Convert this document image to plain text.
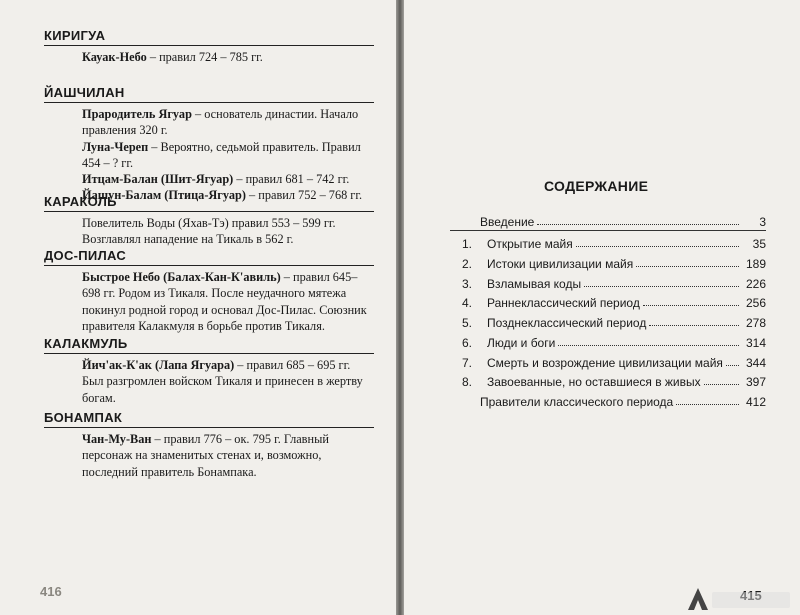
КИРИГУА
Кауак-Небо – правил 724 – 785 гг.
ЙАШЧИЛАН
Прародитель Ягуар – основатель династии. Начало правления 320 г.
Луна-Череп – Вероятно, седьмой правитель. Правил 454 – ? гг.
Итцам-Балан (Шит-Ягуар) – правил 681 – 742 гг.
Йашун-Балам (Птица-Ягуар) – правил 752 – 768 гг.
КАРАКОЛЬ
Повелитель Воды (Яхав-Тэ) правил 553 – 599 гг. Возглавлял нападение на Тикаль в 562 г.
ДОС-ПИЛАС
Быстрое Небо (Балах-Кан-К'авиль) – правил 645–698 гг. Родом из Тикаля. После неудачного мятежа покинул родной город и основал Дос-Пилас. Союзник правителя Калакмуля в борьбе против Тикаля.
КАЛАКМУЛЬ
Йич'ак-К'ак (Лапа Ягуара) – правил 685 – 695 гг. Был разгромлен войском Тикаля и принесен в жертву богам.
БОНАМПАК
Чан-Му-Ван – правил 776 – ок. 795 г. Главный персонаж на знаменитых стенах и, возможно, последний правитель Бонампака.
416
СОДЕРЖАНИЕ
Введение	3
1. Открытие майя	35
2. Истоки цивилизации майя	189
3. Взламывая коды	226
4. Раннеклассический период	256
5. Позднеклассический период	278
6. Люди и боги	314
7. Смерть и возрождение цивилизации майя	344
8. Завоеванные, но оставшиеся в живых	397
Правители классического периода	412
